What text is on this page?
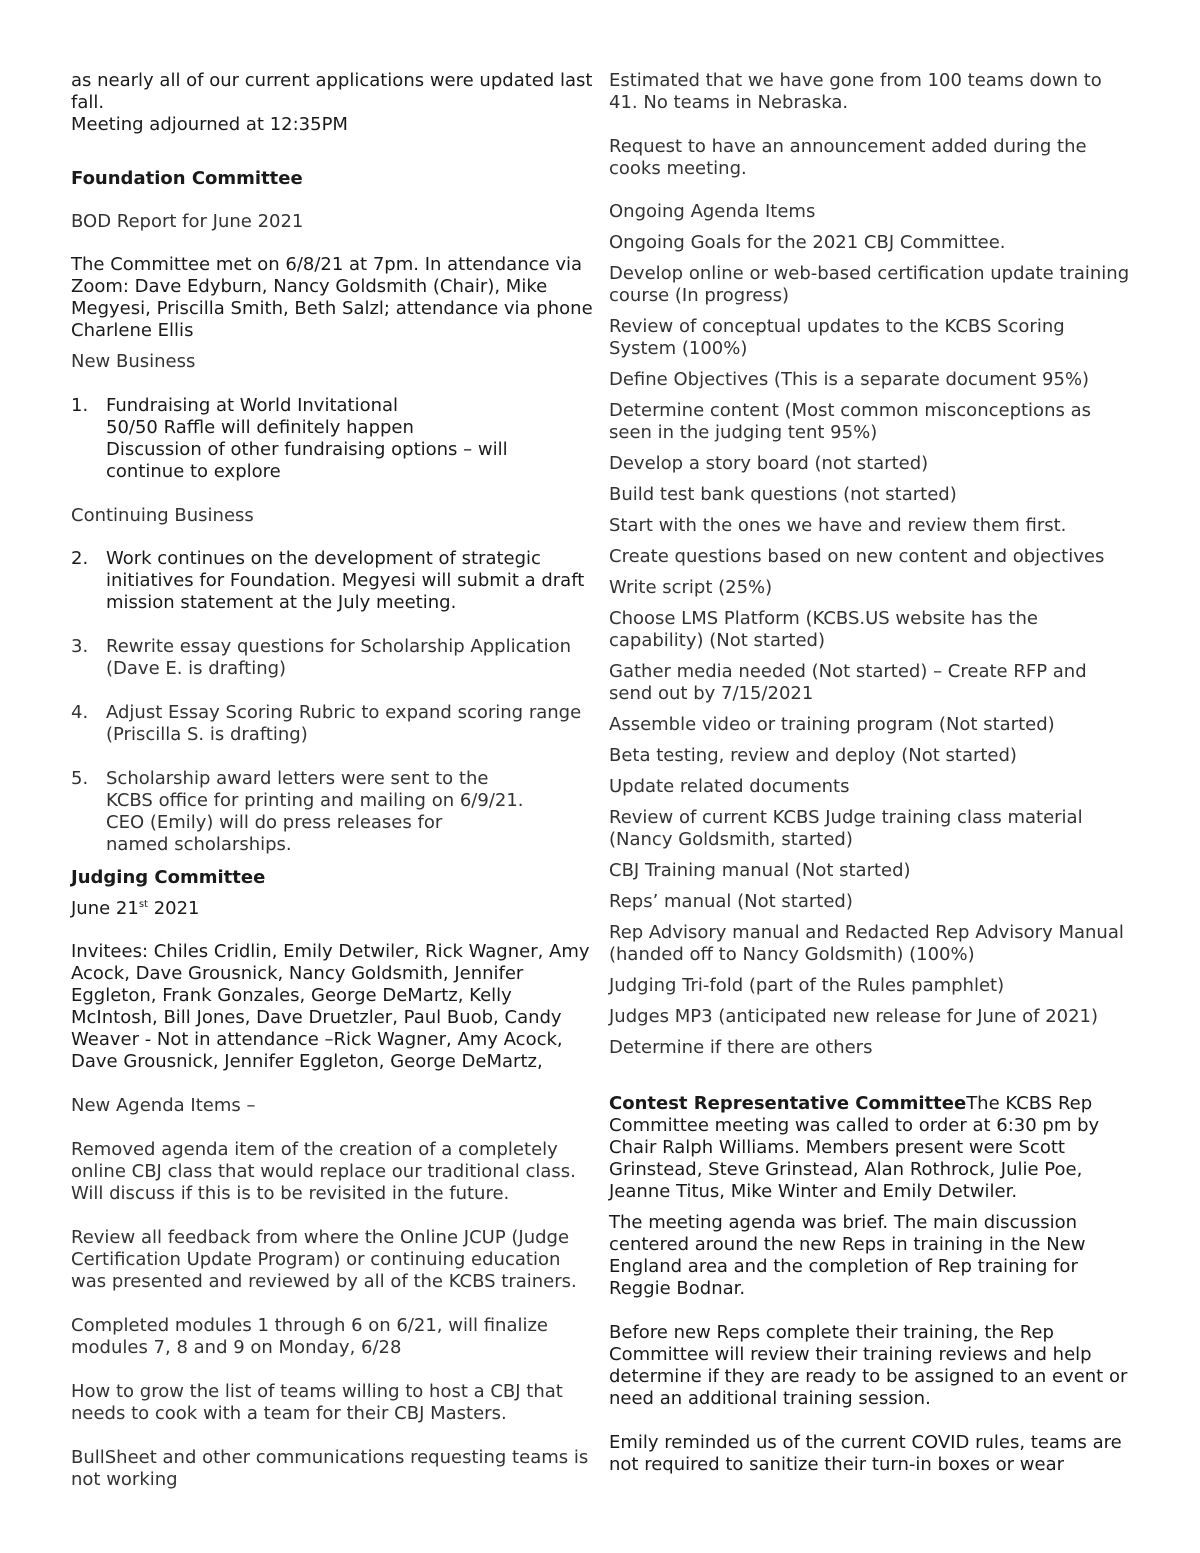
as nearly all of our current applications were updated last fall.

Meeting adjourned at 12:35PM

Foundation Committee

BOD Report for June 2021

The Committee met on 6/8/21 at 7pm. In attendance via Zoom: Dave Edyburn, Nancy Goldsmith (Chair), Mike Megyesi, Priscilla Smith, Beth Salzl; attendance via phone Charlene Ellis

New Business

1. Fundraising at World Invitational

50/50 Raffle will definitely happen

Discussion of other fundraising options – will continue to explore

Continuing Business

2. Work continues on the development of strategic initiatives for Foundation. Megyesi will submit a draft mission statement at the July meeting.

3. Rewrite essay questions for Scholarship Application (Dave E. is drafting)

4. Adjust Essay Scoring Rubric to expand scoring range (Priscilla S. is drafting)

5. Scholarship award letters were sent to the

KCBS office for printing and mailing on 6/9/21.

CEO (Emily) will do press releases for named scholarships.

Judging Committee

June 21st 2021

Invitees: Chiles Cridlin, Emily Detwiler, Rick Wagner, Amy Acock, Dave Grousnick, Nancy Goldsmith, Jennifer Eggleton, Frank Gonzales, George DeMartz, Kelly McIntosh, Bill Jones, Dave Druetzler, Paul Buob, Candy Weaver - Not in attendance –Rick Wagner, Amy Acock, Dave Grousnick, Jennifer Eggleton, George DeMartz,

New Agenda Items –

Removed agenda item of the creation of a completely online CBJ class that would replace our traditional class. Will discuss if this is to be revisited in the future.

Review all feedback from where the Online JCUP (Judge Certification Update Program) or continuing education was presented and reviewed by all of the KCBS trainers.

Completed modules 1 through 6 on 6/21, will finalize modules 7, 8 and 9 on Monday, 6/28

How to grow the list of teams willing to host a CBJ that needs to cook with a team for their CBJ Masters.

BullSheet and other communications requesting teams is not working

Estimated that we have gone from 100 teams down to 41. No teams in Nebraska.

Request to have an announcement added during the cooks meeting.

Ongoing Agenda Items

Ongoing Goals for the 2021 CBJ Committee.

Develop online or web-based certification update training course (In progress)

Review of conceptual updates to the KCBS Scoring System (100%)

Define Objectives (This is a separate document 95%)

Determine content (Most common misconceptions as seen in the judging tent 95%)

Develop a story board (not started)

Build test bank questions (not started)

Start with the ones we have and review them first.

Create questions based on new content and objectives

Write script (25%)

Choose LMS Platform (KCBS.US website has the capability) (Not started)

Gather media needed (Not started) – Create RFP and send out by 7/15/2021

Assemble video or training program (Not started)

Beta testing, review and deploy (Not started)

Update related documents

Review of current KCBS Judge training class material (Nancy Goldsmith, started)

CBJ Training manual (Not started)

Reps’ manual (Not started)

Rep Advisory manual and Redacted Rep Advisory Manual (handed off to Nancy Goldsmith) (100%)

Judging Tri-fold (part of the Rules pamphlet)

Judges MP3 (anticipated new release for June of 2021)

Determine if there are others

Contest Representative CommitteeThe KCBS Rep Committee meeting was called to order at 6:30 pm by Chair Ralph Williams. Members present were Scott Grinstead, Steve Grinstead, Alan Rothrock, Julie Poe, Jeanne Titus, Mike Winter and Emily Detwiler.

The meeting agenda was brief. The main discussion centered around the new Reps in training in the New England area and the completion of Rep training for Reggie Bodnar.

Before new Reps complete their training, the Rep Committee will review their training reviews and help determine if they are ready to be assigned to an event or need an additional training session.

Emily reminded us of the current COVID rules, teams are not required to sanitize their turn-in boxes or wear
